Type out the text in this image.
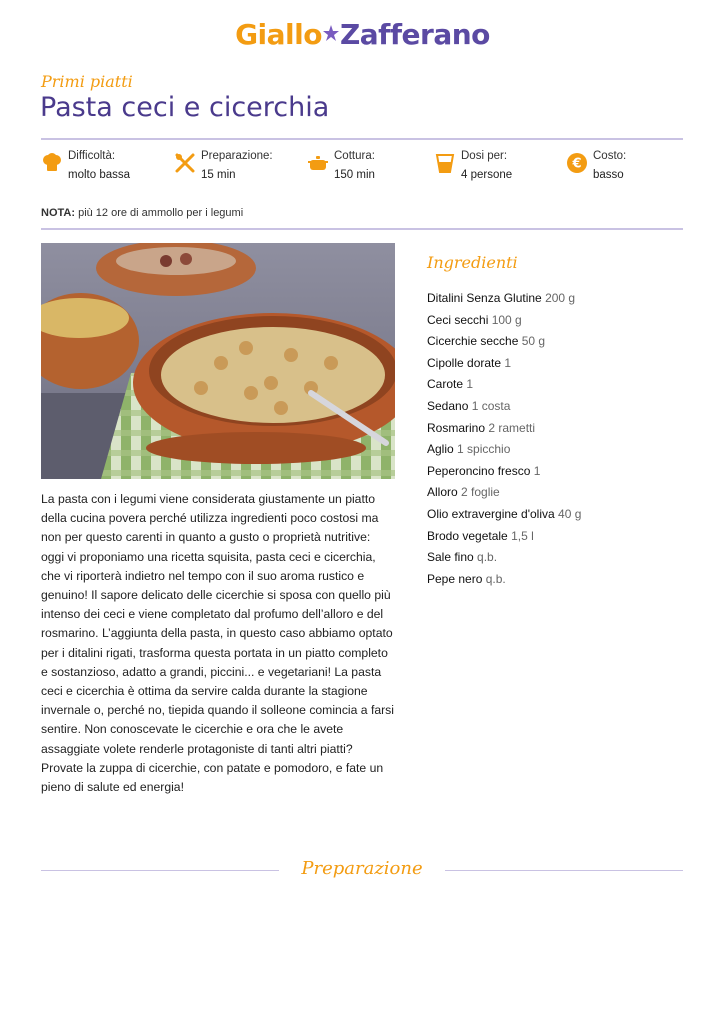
Giallo Zafferano
Primi piatti
Pasta ceci e cicerchia
Difficoltà:
molto bassa
Preparazione:
15 min
Cottura:
150 min
Dosi per:
4 persone
€
Costo:
basso
NOTA: più 12 ore di ammollo per i legumi
La pasta con i legumi viene considerata giustamente un piatto della cucina povera perché utilizza ingredienti poco costosi ma non per questo carenti in quanto a gusto o proprietà nutritive: oggi vi proponiamo una ricetta squisita, pasta ceci e cicerchia, che vi riporterà indietro nel tempo con il suo aroma rustico e genuino! Il sapore delicato delle cicerchie si sposa con quello più intenso dei ceci e viene completato dal profumo dell’alloro e del rosmarino. L’aggiunta della pasta, in questo caso abbiamo optato per i ditalini rigati, trasforma questa portata in un piatto completo e sostanzioso, adatto a grandi, piccini... e vegetariani! La pasta ceci e cicerchia è ottima da servire calda durante la stagione invernale o, perché no, tiepida quando il solleone comincia a farsi sentire. Non conoscevate le cicerchie e ora che le avete assaggiate volete renderle protagoniste di tanti altri piatti? Provate la zuppa di cicerchie, con patate e pomodoro, e fate un pieno di salute ed energia!
Ingredienti
Ditalini Senza Glutine 200 g
Ceci secchi 100 g
Cicerchie secche 50 g
Cipolle dorate 1
Carote 1
Sedano 1 costa
Rosmarino 2 rametti
Aglio 1 spicchio
Peperoncino fresco 1
Alloro 2 foglie
Olio extravergine d'oliva 40 g
Brodo vegetale 1,5 l
Sale fino q.b.
Pepe nero q.b.
Preparazione
